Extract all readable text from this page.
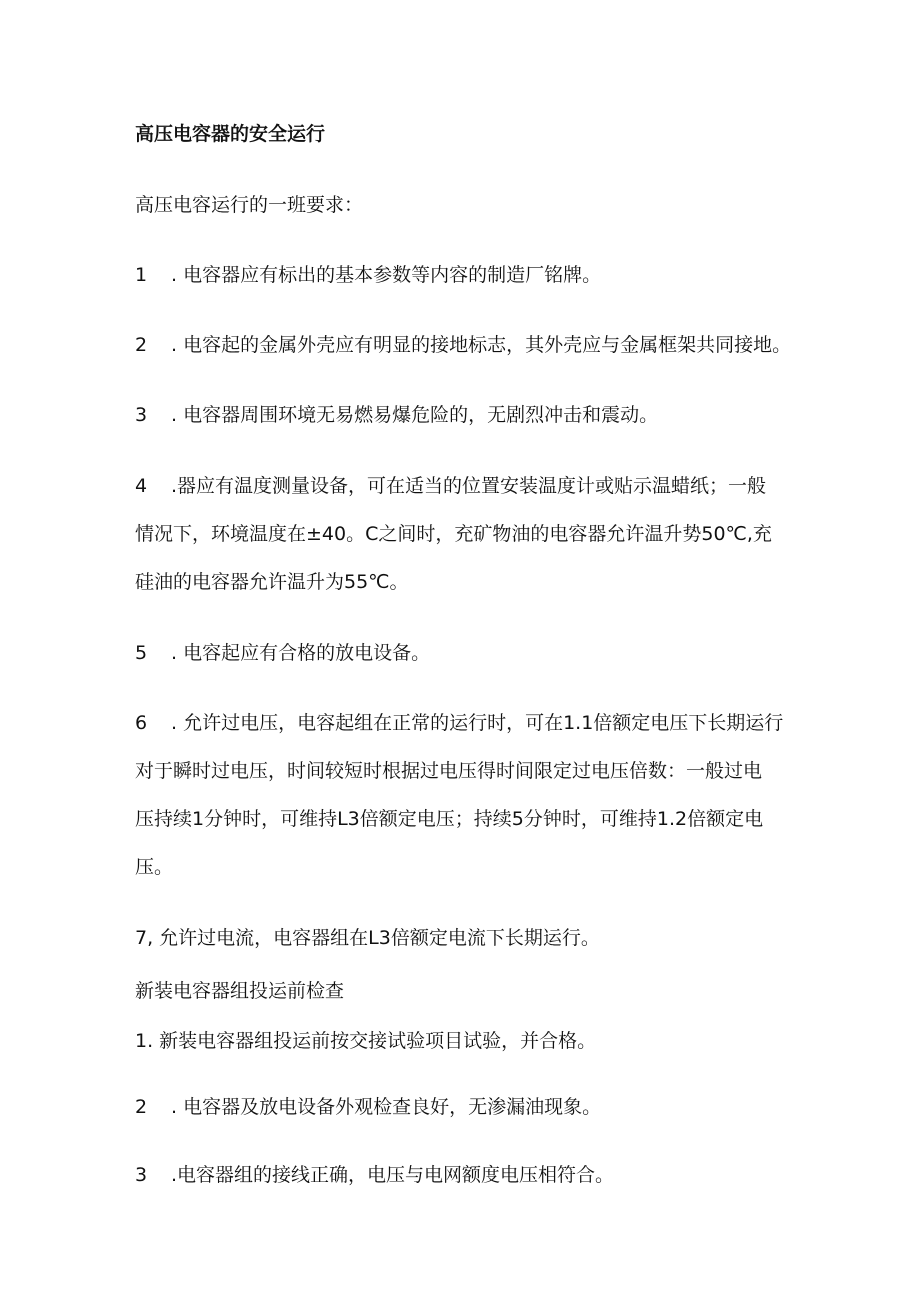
高压电容器的安全运行

高压电容运行的一班要求：

1 . 电容器应有标出的基本参数等内容的制造厂铭牌。

2 . 电容起的金属外壳应有明显的接地标志，其外壳应与金属框架共同接地。

3 . 电容器周围环境无易燃易爆危险的，无剧烈冲击和震动。

4 .器应有温度测量设备，可在适当的位置安装温度计或贴示温蜡纸；一般

情况下，环境温度在±40。C之间时，充矿物油的电容器允许温升势50℃,充

硅油的电容器允许温升为55℃。

5 . 电容起应有合格的放电设备。

6 . 允许过电压，电容起组在正常的运行时，可在1.1倍额定电压下长期运行

对于瞬时过电压，时间较短时根据过电压得时间限定过电压倍数：一般过电

压持续1分钟时，可维持L3倍额定电压；持续5分钟时，可维持1.2倍额定电

压。

7, 允许过电流，电容器组在L3倍额定电流下长期运行。

新装电容器组投运前检查

1. 新装电容器组投运前按交接试验项目试验，并合格。

2 . 电容器及放电设备外观检查良好，无渗漏油现象。

3 .电容器组的接线正确，电压与电网额度电压相符合。
